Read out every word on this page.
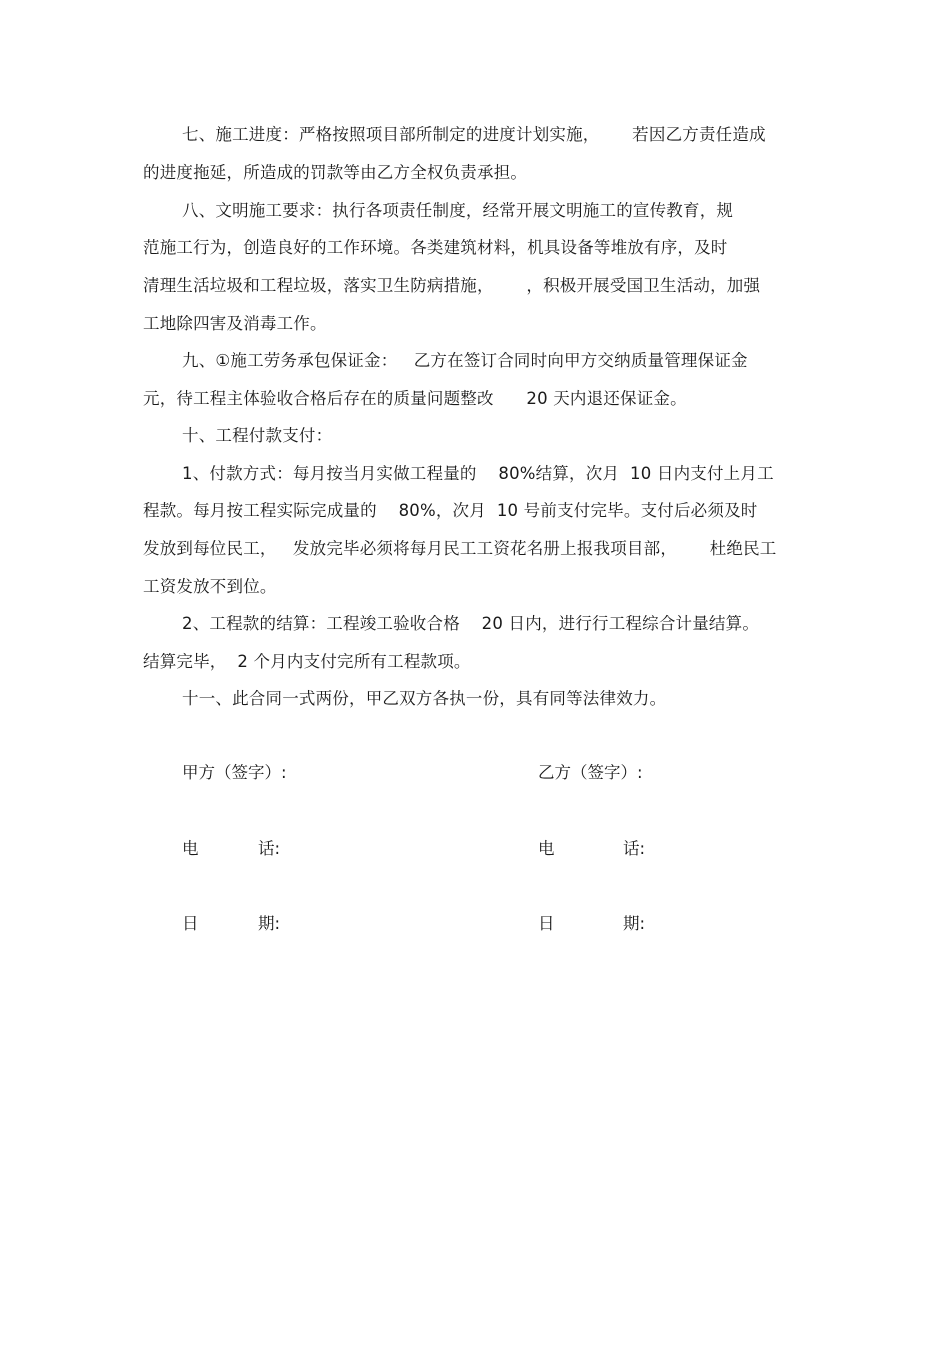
七、施工进度：严格按照项目部所制定的进度计划实施，      若因乙方责任造成
的进度拖延，所造成的罚款等由乙方全权负责承担。
八、文明施工要求：执行各项责任制度，经常开展文明施工的宣传教育，规
范施工行为，创造良好的工作环境。各类建筑材料，机具设备等堆放有序，及时
清理生活垃圾和工程垃圾，落实卫生防病措施，      ，积极开展受国卫生活动，加强
工地除四害及消毒工作。
九、①施工劳务承包保证金：   乙方在签订合同时向甲方交纳质量管理保证金
元，待工程主体验收合格后存在的质量问题整改      20 天内退还保证金。
十、工程付款支付：
1、付款方式：每月按当月实做工程量的    80%结算，次月  10 日内支付上月工
程款。每月按工程实际完成量的    80%，次月  10 号前支付完毕。支付后必须及时
发放到每位民工，   发放完毕必须将每月民工工资花名册上报我项目部，      杜绝民工
工资发放不到位。
2、工程款的结算：工程竣工验收合格    20 日内，进行行工程综合计量结算。
结算完毕，  2 个月内支付完所有工程款项。
十一、此合同一式两份，甲乙双方各执一份，具有同等法律效力。
甲方（签字）:	乙方（签字）:
电	话:	电	话:
日	期:	日	期:
